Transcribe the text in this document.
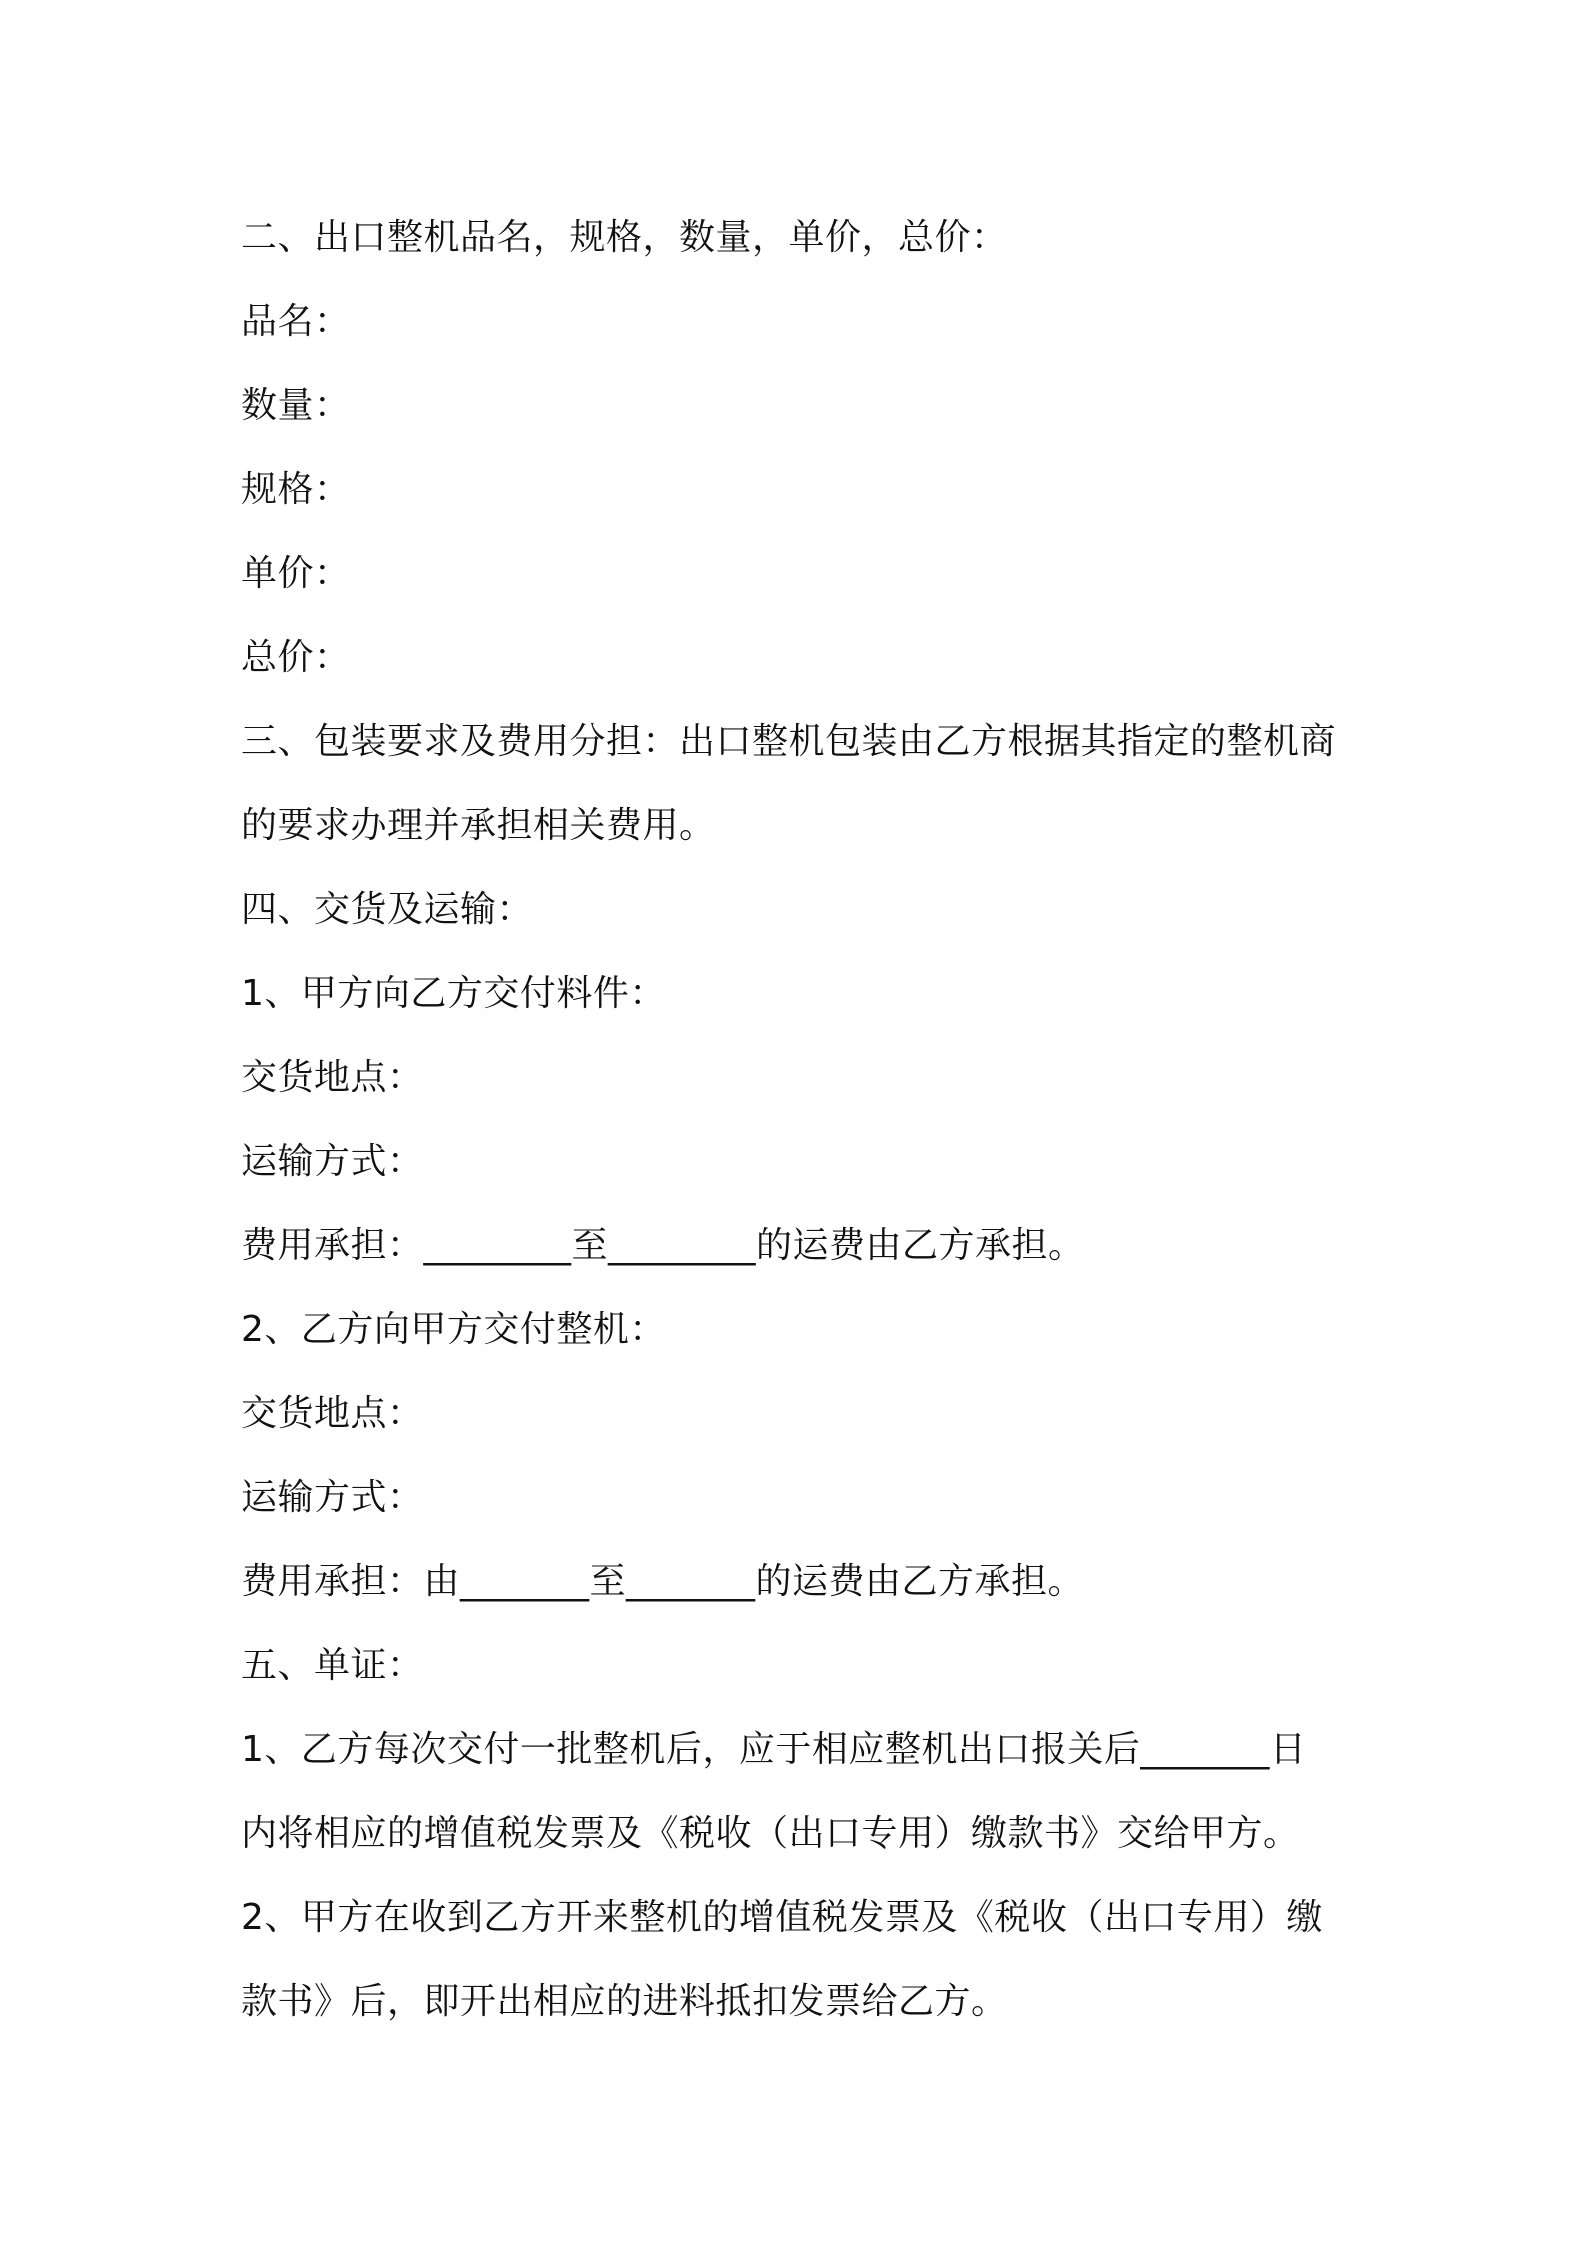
二、出口整机品名，规格，数量，单价，总价：

品名：

数量：

规格：

单价：

总价：

三、包装要求及费用分担：出口整机包装由乙方根据其指定的整机商

的要求办理并承担相关费用。

四、交货及运输：

1、甲方向乙方交付料件：

交货地点：

运输方式：

费用承担：________至________的运费由乙方承担。

2、乙方向甲方交付整机：

交货地点：

运输方式：

费用承担：由_______至_______的运费由乙方承担。

五、单证：

1、乙方每次交付一批整机后，应于相应整机出口报关后_______日

内将相应的增值税发票及《税收（出口专用）缴款书》交给甲方。

2、甲方在收到乙方开来整机的增值税发票及《税收（出口专用）缴

款书》后，即开出相应的进料抵扣发票给乙方。
